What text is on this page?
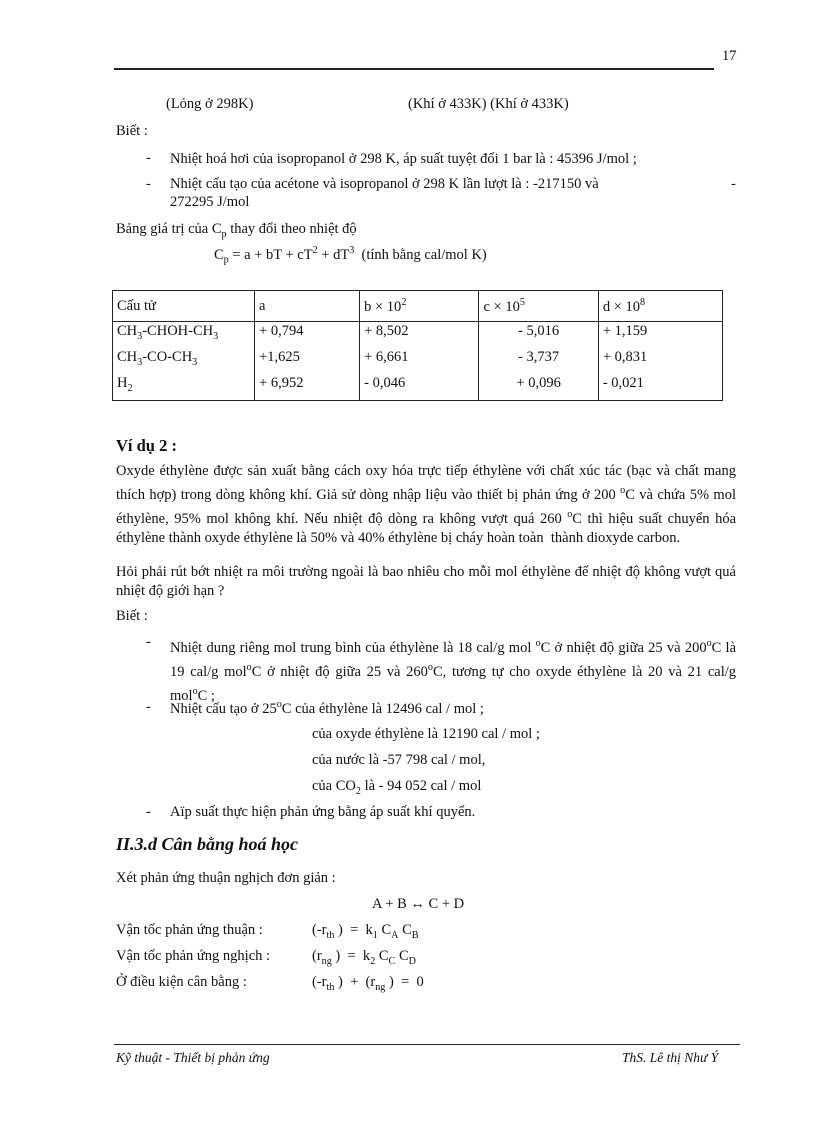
17
(Lỏng ở 298K)	(Khí ở 433K) (Khí ở 433K)
Biết :
- Nhiệt hoá hơi của isopropanol ở 298 K, áp suất tuyệt đối 1 bar là : 45396 J/mol ;
- Nhiệt cấu tạo của acétone và isopropanol ở 298 K lần lượt là : -217150 và	-
272295 J/mol
Bảng giá trị của $C_p$ thay đổi theo nhiệt độ
$C_p = a$ + bT + $cT^2 + dT^3$ (tính bằng cal/mol K)
Cấu tử	a	$b \times 10^2$	$c \times 10^5$	$d \times 10^8$
$CH_3-CHOH-CH_3$	+ 0,794	+ 8,502	- 5,016	+ 1,159
$CH_3-CO-CH_3$	+1,625	+ 6,661	- 3,737	+ 0,831
$H_2$	+ 6,952	- 0,046	+ 0,096	- 0,021
Ví dụ 2 :
Oxyde éthylène được sản xuất bằng cách oxy hóa trực tiếp éthylène với chất xúc tác (bạc và chất mang thích hợp) trong dòng không khí. Giả sử dòng nhập liệu vào thiết bị phản ứng ở 200 $^o$C và chứa 5% mol éthylène, 95% mol không khí. Nếu nhiệt độ dòng ra không vượt quá 260 $^o$C thì hiệu suất chuyển hóa éthylène thành oxyde éthylène là 50% và 40% éthylène bị cháy hoàn toàn  thành dioxyde carbon.
Hỏi phải rút bớt nhiệt ra môi trường ngoài là bao nhiêu cho mỗi mol éthylène để nhiệt độ không vượt quá nhiệt độ giới hạn ?
Biết :
- Nhiệt dung riêng mol trung bình của éthylène là 18 cal/g mol $^o$C ở nhiệt độ giữa 25 và 200$^o$C là 19 cal/g mol$^o$C ở nhiệt độ giữa 25 và 260$^o$C, tương tự cho oxyde éthylène là 20 và 21 cal/g mol$^o$C ;
- Nhiệt cấu tạo ở 25$^o$C của éthylène là 12496 cal / mol ;
của oxyde éthylène là 12190 cal / mol ;
của nước là -57 798 cal / mol,
của $CO_2$ là - 94 052 cal / mol
- Aïp suất thực hiện phản ứng bằng áp suất khí quyển.
II.3.d Cân bằng hoá học
Xét phản ứng thuận nghịch đơn giản :
A + B ↔ C + D
Vận tốc phản ứng thuận :	($-r_{th}$ )  =  $k_1$ $C_A$ $C_B$
Vận tốc phản ứng nghịch :	($r_{ng}$ )  =  $k_2$ $C_C$ $C_D$
Ở điều kiện cân bằng :	($-r_{th}$ )  +  ($r_{ng}$ )  =  0
Kỹ thuật - Thiết bị phản ứng	ThS. Lê thị Như Ý
